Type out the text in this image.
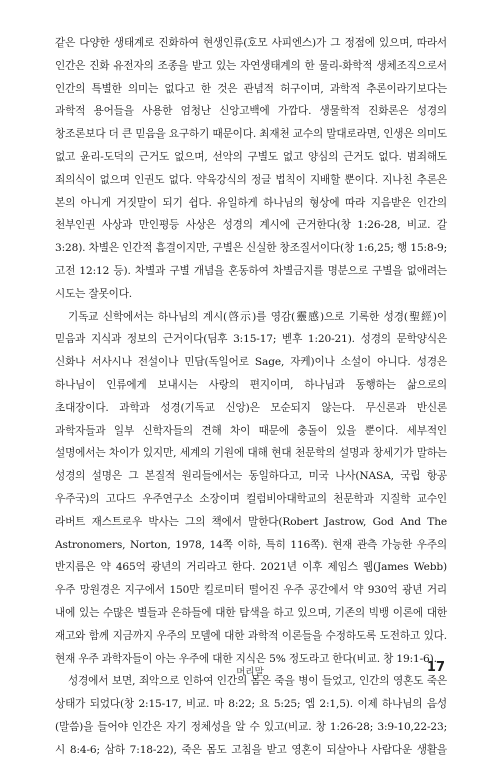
같은 다양한 생태계로 진화하여 현생인류(호모 사피엔스)가 그 정점에 있으며, 따라서 인간은 진화 유전자의 조종을 받고 있는 자연생태계의 한 물리-화학적 생체조직으로서 인간의 특별한 의미는 없다고 한 것은 관념적 허구이며, 과학적 추론이라기보다는 과학적 용어들을 사용한 엄청난 신앙고백에 가깝다. 생물학적 진화론은 성경의 창조론보다 더 큰 믿음을 요구하기 때문이다. 최재천 교수의 말대로라면, 인생은 의미도 없고 윤리-도덕의 근거도 없으며, 선악의 구별도 없고 양심의 근거도 없다. 범죄해도 죄의식이 없으며 인권도 없다. 약육강식의 정글 법칙이 지배할 뿐이다. 지나친 추론은 본의 아니게 거짓말이 되기 쉽다. 유일하게 하나님의 형상에 따라 지음받은 인간의 천부인권 사상과 만인평등 사상은 성경의 계시에 근거한다(창 1:26-28, 비교. 갈 3:28). 차별은 인간적 흠결이지만, 구별은 신실한 창조질서이다(창 1:6,25; 행 15:8-9; 고전 12:12 등). 차별과 구별 개념을 혼동하여 차별금지를 명분으로 구별을 없애려는 시도는 잘못이다.

기독교 신학에서는 하나님의 계시(啓示)를 영감(靈感)으로 기록한 성경(聖經)이 믿음과 지식과 정보의 근거이다(딤후 3:15-17; 벧후 1:20-21). 성경의 문학양식은 신화나 서사시나 전설이나 민담(독일어로 Sage, 자케)이나 소설이 아니다. 성경은 하나님이 인류에게 보내시는 사랑의 편지이며, 하나님과 동행하는 삶으로의 초대장이다. 과학과 성경(기독교 신앙)은 모순되지 않는다. 무신론과 반신론 과학자들과 일부 신학자들의 견해 차이 때문에 충돌이 있을 뿐이다. 세부적인 설명에서는 차이가 있지만, 세계의 기원에 대해 현대 천문학의 설명과 창세기가 말하는 성경의 설명은 그 본질적 원리들에서는 동일하다고, 미국 나사(NASA, 국립 항공 우주국)의 고다드 우주연구소 소장이며 컬럼비아대학교의 천문학과 지질학 교수인 라버트 재스트로우 박사는 그의 책에서 말한다(Robert Jastrow, God And The Astronomers, Norton, 1978, 14쪽 이하, 특히 116쪽). 현재 관측 가능한 우주의 반지름은 약 465억 광년의 거리라고 한다. 2021년 이후 제임스 웹(James Webb) 우주 망원경은 지구에서 150만 킬로미터 떨어진 우주 공간에서 약 930억 광년 거리 내에 있는 수많은 별들과 은하들에 대한 탐색을 하고 있으며, 기존의 빅뱅 이론에 대한 재고와 함께 지금까지 우주의 모델에 대한 과학적 이론들을 수정하도록 도전하고 있다. 현재 우주 과학자들이 아는 우주에 대한 지식은 5% 정도라고 한다(비교. 창 19:1-6).

성경에서 보면, 죄악으로 인하여 인간의 몸은 죽을 병이 들었고, 인간의 영혼도 죽은 상태가 되었다(창 2:15-17, 비교. 마 8:22; 요 5:25; 엡 2:1,5). 이제 하나님의 음성(말씀)을 들어야 인간은 자기 정체성을 알 수 있고(비교. 창 1:26-28; 3:9-10,22-23; 시 8:4-6; 삼하 7:18-22), 죽은 몸도 고침을 받고 영혼이 되살아나 사람다운 생활을

머리말	17
